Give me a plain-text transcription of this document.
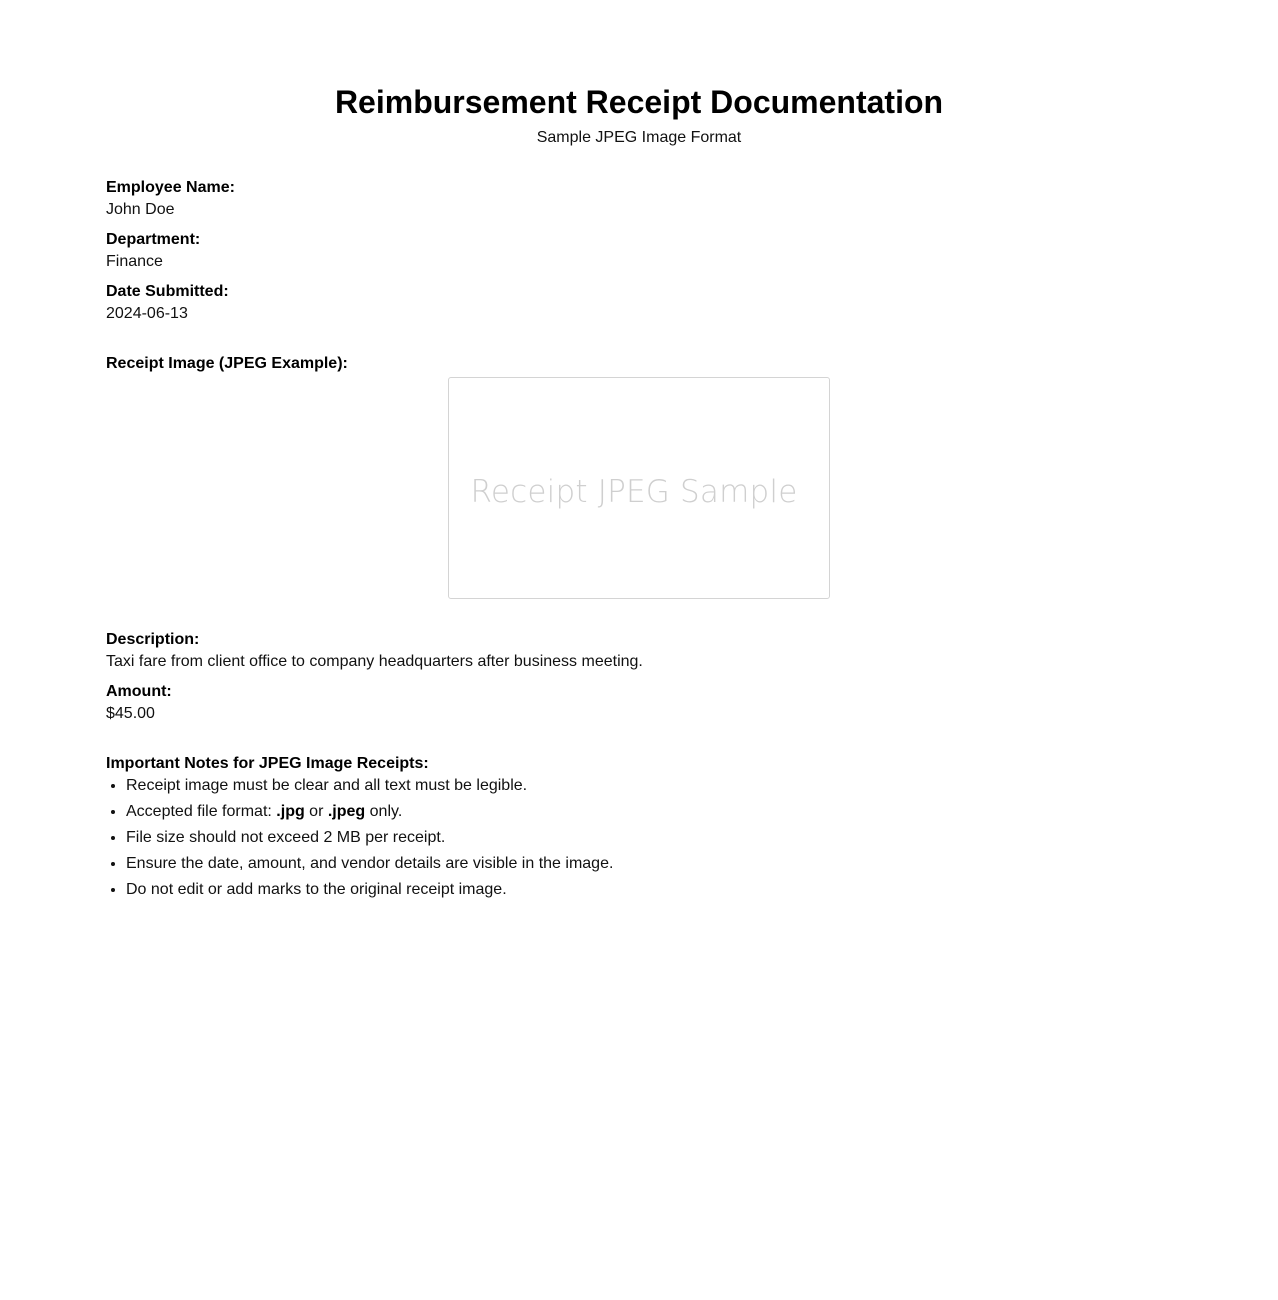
Reimbursement Receipt Documentation
Sample JPEG Image Format
Employee Name:
John Doe
Department:
Finance
Date Submitted:
2024-06-13
Receipt Image (JPEG Example):
Receipt JPEG Sample
Description:
Taxi fare from client office to company headquarters after business meeting.
Amount:
$45.00
Important Notes for JPEG Image Receipts:
• Receipt image must be clear and all text must be legible.
• Accepted file format: .jpg or .jpeg only.
• File size should not exceed 2 MB per receipt.
• Ensure the date, amount, and vendor details are visible in the image.
• Do not edit or add marks to the original receipt image.
